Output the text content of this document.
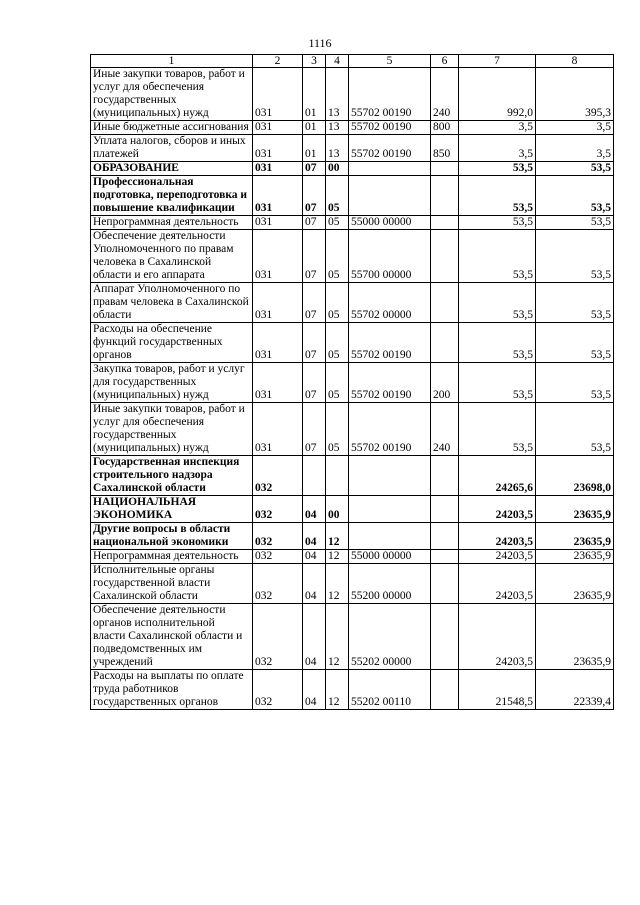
1116
1	2	3	4	5	6	7	8
Иные закупки товаров, работ и услуг для обеспечения государственных (муниципальных) нужд	031	01	13	55702 00190	240	992,0	395,3
Иные бюджетные ассигнования	031	01	13	55702 00190	800	3,5	3,5
Уплата налогов, сборов и иных платежей	031	01	13	55702 00190	850	3,5	3,5
ОБРАЗОВАНИЕ	031	07	00			53,5	53,5
Профессиональная подготовка, переподготовка и повышение квалификации	031	07	05			53,5	53,5
Непрограммная деятельность	031	07	05	55000 00000		53,5	53,5
Обеспечение деятельности Уполномоченного по правам человека в Сахалинской области и его аппарата	031	07	05	55700 00000		53,5	53,5
Аппарат Уполномоченного по правам человека в Сахалинской области	031	07	05	55702 00000		53,5	53,5
Расходы на обеспечение функций государственных органов	031	07	05	55702 00190		53,5	53,5
Закупка товаров, работ и услуг для государственных (муниципальных) нужд	031	07	05	55702 00190	200	53,5	53,5
Иные закупки товаров, работ и услуг для обеспечения государственных (муниципальных) нужд	031	07	05	55702 00190	240	53,5	53,5
Государственная инспекция строительного надзора Сахалинской области	032					24265,6	23698,0
НАЦИОНАЛЬНАЯ ЭКОНОМИКА	032	04	00			24203,5	23635,9
Другие вопросы в области национальной экономики	032	04	12			24203,5	23635,9
Непрограммная деятельность	032	04	12	55000 00000		24203,5	23635,9
Исполнительные органы государственной власти Сахалинской области	032	04	12	55200 00000		24203,5	23635,9
Обеспечение деятельности органов исполнительной власти Сахалинской области и подведомственных им учреждений	032	04	12	55202 00000		24203,5	23635,9
Расходы на выплаты по оплате труда работников государственных органов	032	04	12	55202 00110		21548,5	22339,4
